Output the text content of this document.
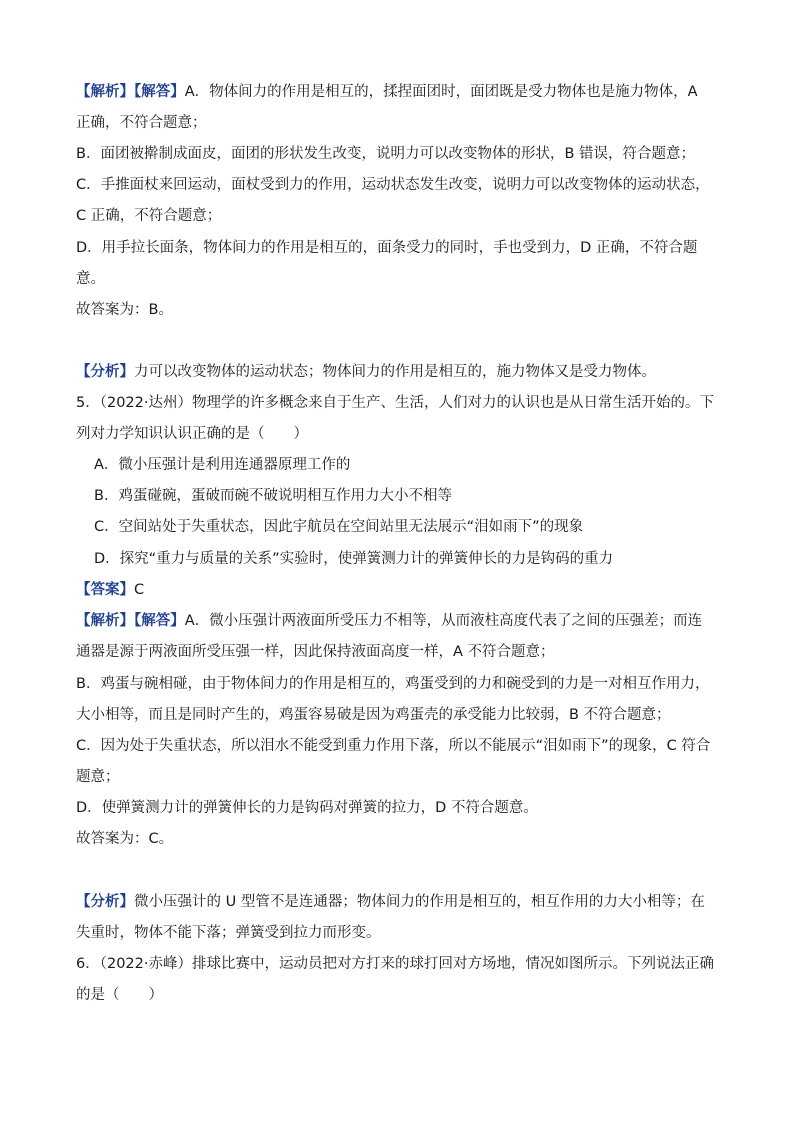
【解析】【解答】A．物体间力的作用是相互的，揉捏面团时，面团既是受力物体也是施力物体，A
正确，不符合题意；
B．面团被擀制成面皮，面团的形状发生改变，说明力可以改变物体的形状，B 错误，符合题意；
C．手推面杖来回运动，面杖受到力的作用，运动状态发生改变，说明力可以改变物体的运动状态，
C 正确，不符合题意；
D．用手拉长面条，物体间力的作用是相互的，面条受力的同时，手也受到力，D 正确，不符合题
意。
故答案为：B。
【分析】力可以改变物体的运动状态；物体间力的作用是相互的，施力物体又是受力物体。
5．（2022·达州）物理学的许多概念来自于生产、生活，人们对力的认识也是从日常生活开始的。下
列对力学知识认识正确的是（　　）
A．微小压强计是利用连通器原理工作的
B．鸡蛋碰碗，蛋破而碗不破说明相互作用力大小不相等
C．空间站处于失重状态，因此宇航员在空间站里无法展示“泪如雨下”的现象
D．探究“重力与质量的关系”实验时，使弹簧测力计的弹簧伸长的力是钩码的重力
【答案】C
【解析】【解答】A．微小压强计两液面所受压力不相等，从而液柱高度代表了之间的压强差；而连
通器是源于两液面所受压强一样，因此保持液面高度一样，A 不符合题意；
B．鸡蛋与碗相碰，由于物体间力的作用是相互的，鸡蛋受到的力和碗受到的力是一对相互作用力，
大小相等，而且是同时产生的，鸡蛋容易破是因为鸡蛋壳的承受能力比较弱，B 不符合题意；
C．因为处于失重状态，所以泪水不能受到重力作用下落，所以不能展示“泪如雨下”的现象，C 符合
题意；
D．使弹簧测力计的弹簧伸长的力是钩码对弹簧的拉力，D 不符合题意。
故答案为：C。
【分析】微小压强计的 U 型管不是连通器；物体间力的作用是相互的，相互作用的力大小相等；在
失重时，物体不能下落；弹簧受到拉力而形变。
6．（2022·赤峰）排球比赛中，运动员把对方打来的球打回对方场地，情况如图所示。下列说法正确
的是（　　）
